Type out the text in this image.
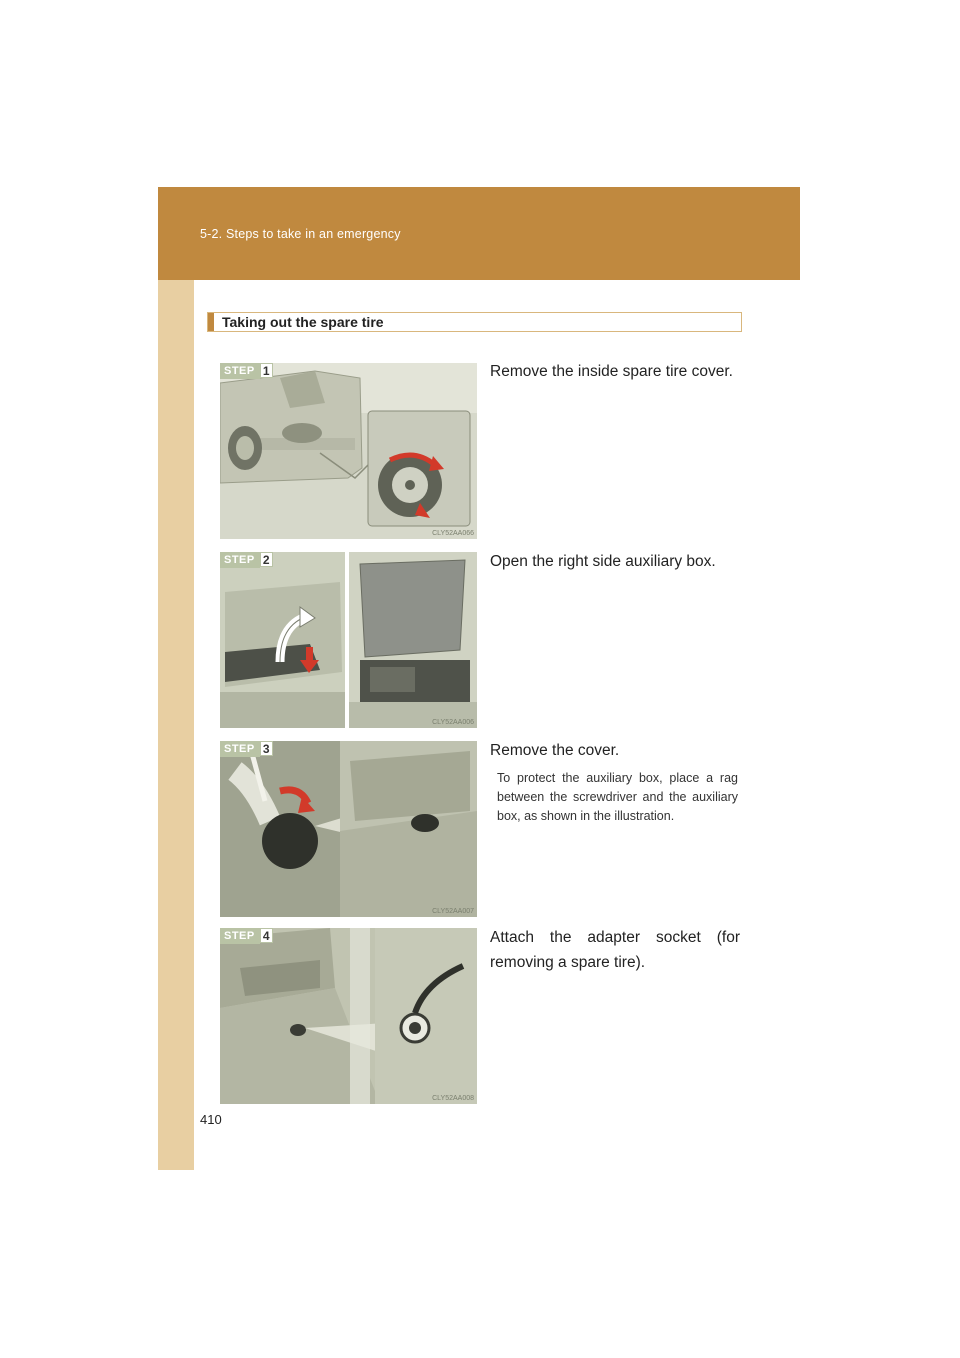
5-2. Steps to take in an emergency
Taking out the spare tire
STEP 1
CLY52AA066
Remove the inside spare tire cover.
STEP 2
CLY52AA006
Open the right side auxiliary box.
STEP 3
CLY52AA007
Remove the cover.
To protect the auxiliary box, place a rag between the screwdriver and the auxiliary box, as shown in the illustration.
STEP 4
CLY52AA008
Attach the adapter socket (for removing a spare tire).
410
